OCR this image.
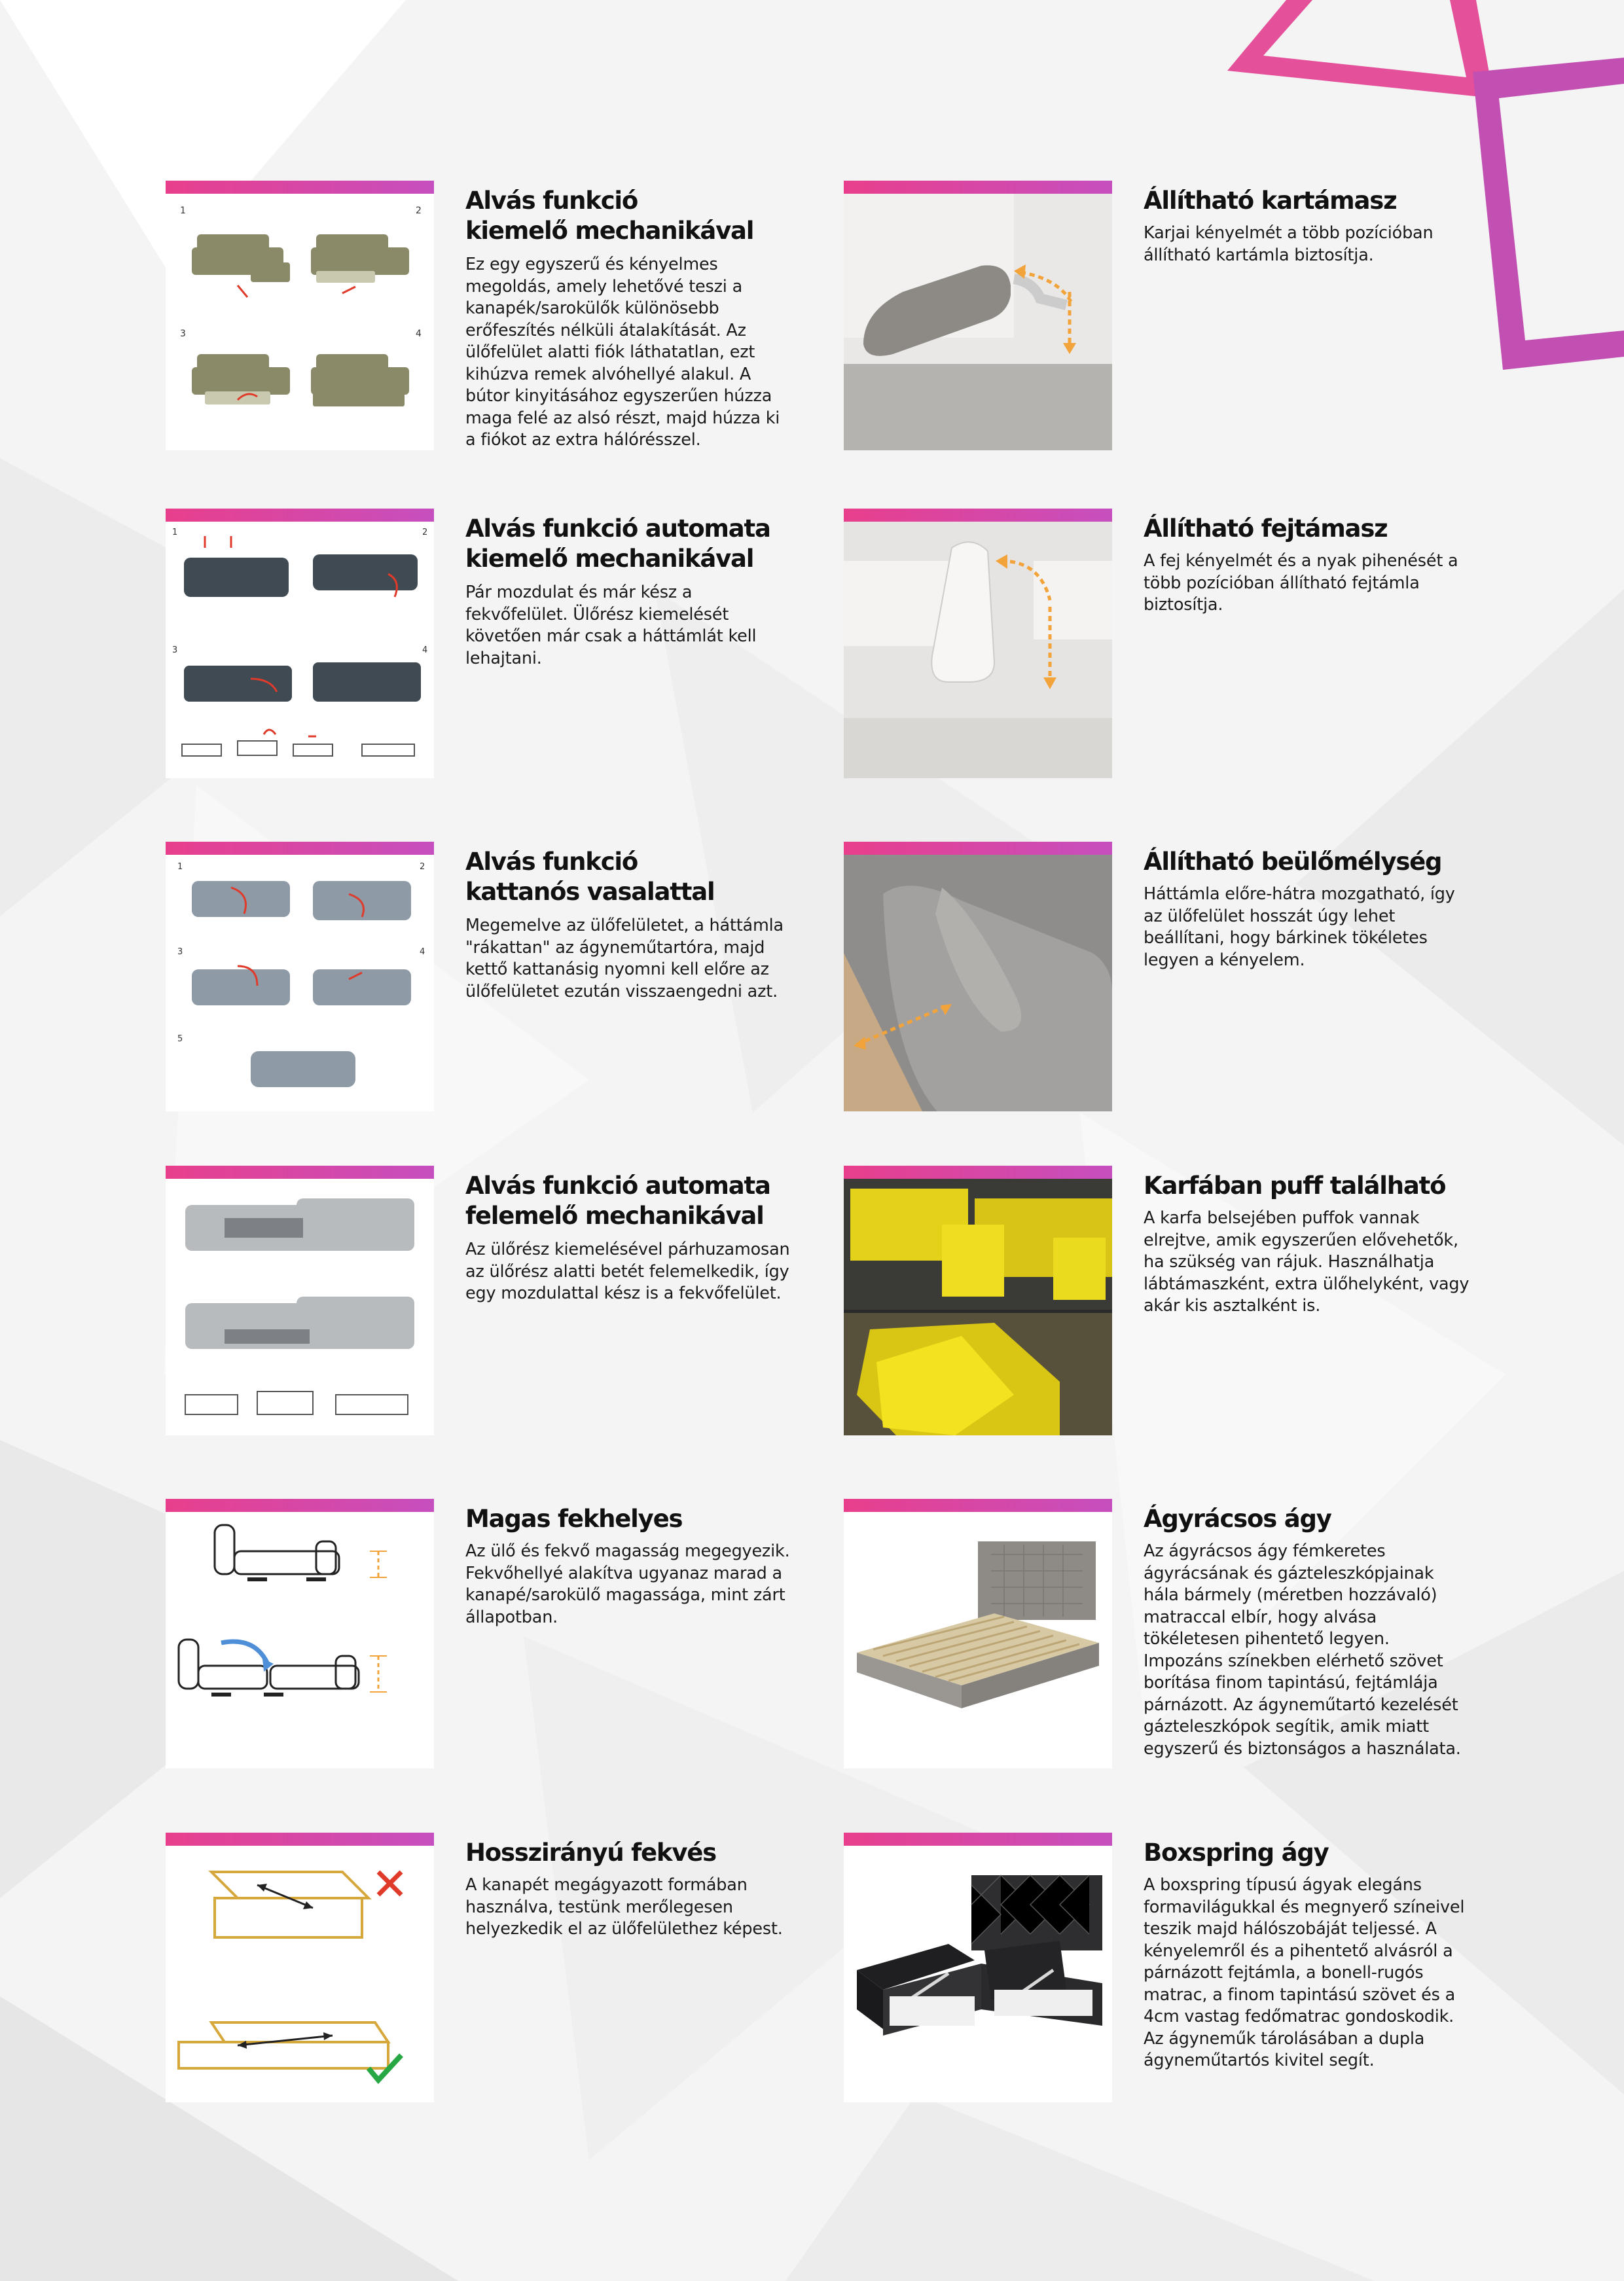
1	2
3	4
Alvás funkció
kiemelő mechanikával
Ez egy egyszerű és kényelmes megoldás, amely lehetővé teszi a kanapék/sarokülők különösebb erőfeszítés nélküli átalakítását. Az ülőfelület alatti fiók láthatatlan, ezt kihúzva remek alvóhellyé alakul. A bútor kinyitásához egyszerűen húzza maga felé az alsó részt, majd húzza ki a fiókot az extra hálórésszel.
1	2
3	4
Alvás funkció automata
kiemelő mechanikával
Pár mozdulat és már kész a fekvőfelület. Ülőrész kiemelését követően már csak a háttámlát kell lehajtani.
1	2
3	4
5
Alvás funkció
kattanós vasalattal
Megemelve az ülőfelületet, a háttámla "rákattan" az ágyneműtartóra, majd kettő kattanásig nyomni kell előre az ülőfelületet ezután visszaengedni azt.
Alvás funkció automata
felemelő mechanikával
Az ülőrész kiemelésével párhuzamosan az ülőrész alatti betét felemelkedik, így egy mozdulattal kész is a fekvőfelület.
Magas fekhelyes
Az ülő és fekvő magasság megegyezik. Fekvőhellyé alakítva ugyanaz marad a kanapé/sarokülő magassága, mint zárt állapotban.
Hosszirányú fekvés
A kanapét megágyazott formában használva, testünk merőlegesen helyezkedik el az ülőfelülethez képest.
Állítható kartámasz
Karjai kényelmét a több pozícióban állítható kartámla biztosítja.
Állítható fejtámasz
A fej kényelmét és a nyak pihenését a több pozícióban állítható fejtámla biztosítja.
Állítható beülőmélység
Háttámla előre-hátra mozgatható, így az ülőfelület hosszát úgy lehet beállítani, hogy bárkinek tökéletes legyen a kényelem.
Karfában puff található
A karfa belsejében puffok vannak elrejtve, amik egyszerűen elővehetők, ha szükség van rájuk. Használhatja lábtámaszként, extra ülőhelyként, vagy akár kis asztalként is.
Ágyrácsos ágy
Az ágyrácsos ágy fémkeretes ágyrácsának és gázteleszkópjainak hála bármely (méretben hozzávaló) matraccal elbír, hogy alvása tökéletesen pihentető legyen. Impozáns színekben elérhető szövet borítása finom tapintású, fejtámlája párnázott. Az ágyneműtartó kezelését gázteleszkópok segítik, amik miatt egyszerű és biztonságos a használata.
Boxspring ágy
A boxspring típusú ágyak elegáns formavilágukkal és megnyerő színeivel teszik majd hálószobáját teljessé. A kényelemről és a pihentető alvásról a párnázott fejtámla, a bonell-rugós matrac, a finom tapintású szövet és a 4cm vastag fedőmatrac gondoskodik. Az ágyneműk tárolásában a dupla ágyneműtartós kivitel segít.
